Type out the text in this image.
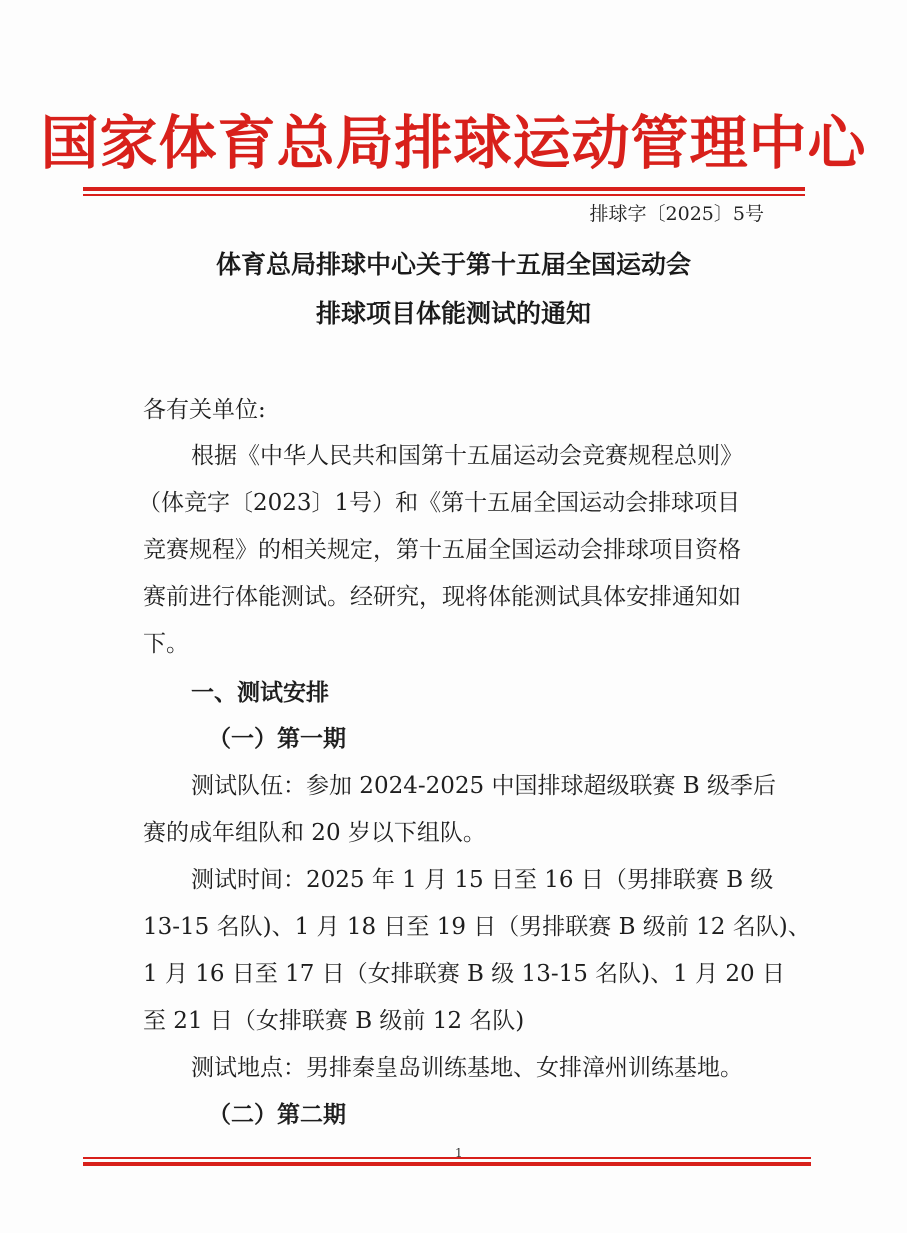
国家体育总局排球运动管理中心
排球字〔2025〕5号
体育总局排球中心关于第十五届全国运动会
排球项目体能测试的通知
各有关单位:
根据《中华人民共和国第十五届运动会竞赛规程总则》
（体竞字〔2023〕1号）和《第十五届全国运动会排球项目
竞赛规程》的相关规定，第十五届全国运动会排球项目资格
赛前进行体能测试。经研究，现将体能测试具体安排通知如
下。
一、测试安排
（一）第一期
测试队伍：参加 2024-2025 中国排球超级联赛 B 级季后
赛的成年组队和 20 岁以下组队。
测试时间：2025 年 1 月 15 日至 16 日（男排联赛 B 级
13-15 名队)、1 月 18 日至 19 日（男排联赛 B 级前 12 名队)、
1 月 16 日至 17 日（女排联赛 B 级 13-15 名队)、1 月 20 日
至 21 日（女排联赛 B 级前 12 名队)
测试地点：男排秦皇岛训练基地、女排漳州训练基地。
（二）第二期
1
